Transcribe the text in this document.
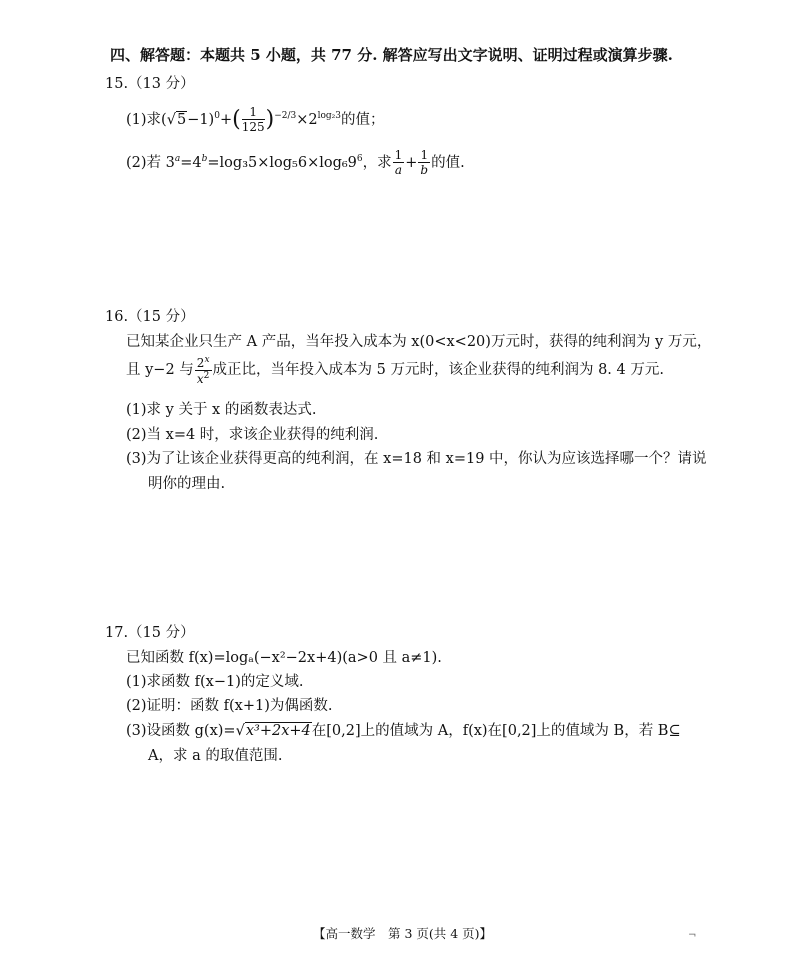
四、解答题：本题共 5 小题，共 77 分. 解答应写出文字说明、证明过程或演算步骤.
15.（13 分）
(1)求$(√5-1)^0+( \frac{1}{125} )^{-2/3}\times 2^{log_23}$的值；
(2)若 $3^a=4^b=\log_35\times\log_56\times\log_69^6$，求 $\frac{1}{a} + \frac{1}{b}$ 的值.
16.（15 分）
已知某企业只生产 A 产品，当年投入成本为 x(0<x<20)万元时，获得的纯利润为 y 万元，
且 y−2 与 $\frac{2^x}{x^2}$ 成正比，当年投入成本为 5 万元时，该企业获得的纯利润为 8. 4 万元.
(1)求 y 关于 x 的函数表达式.
(2)当 x=4 时，求该企业获得的纯利润.
(3)为了让该企业获得更高的纯利润，在 x=18 和 x=19 中，你认为应该选择哪一个？请说
明你的理由.
17.（15 分）
已知函数 f(x)=logₐ(−x²−2x+4)(a>0 且 a≠1).
(1)求函数 f(x−1)的定义域.
(2)证明：函数 f(x+1)为偶函数.
(3)设函数 g(x)=√x³+2x+4在[0,2]上的值域为 A，f(x)在[0,2]上的值域为 B，若 B⊆
A，求 a 的取值范围.
【高一数学　第 3 页(共 4 页)】	¬
